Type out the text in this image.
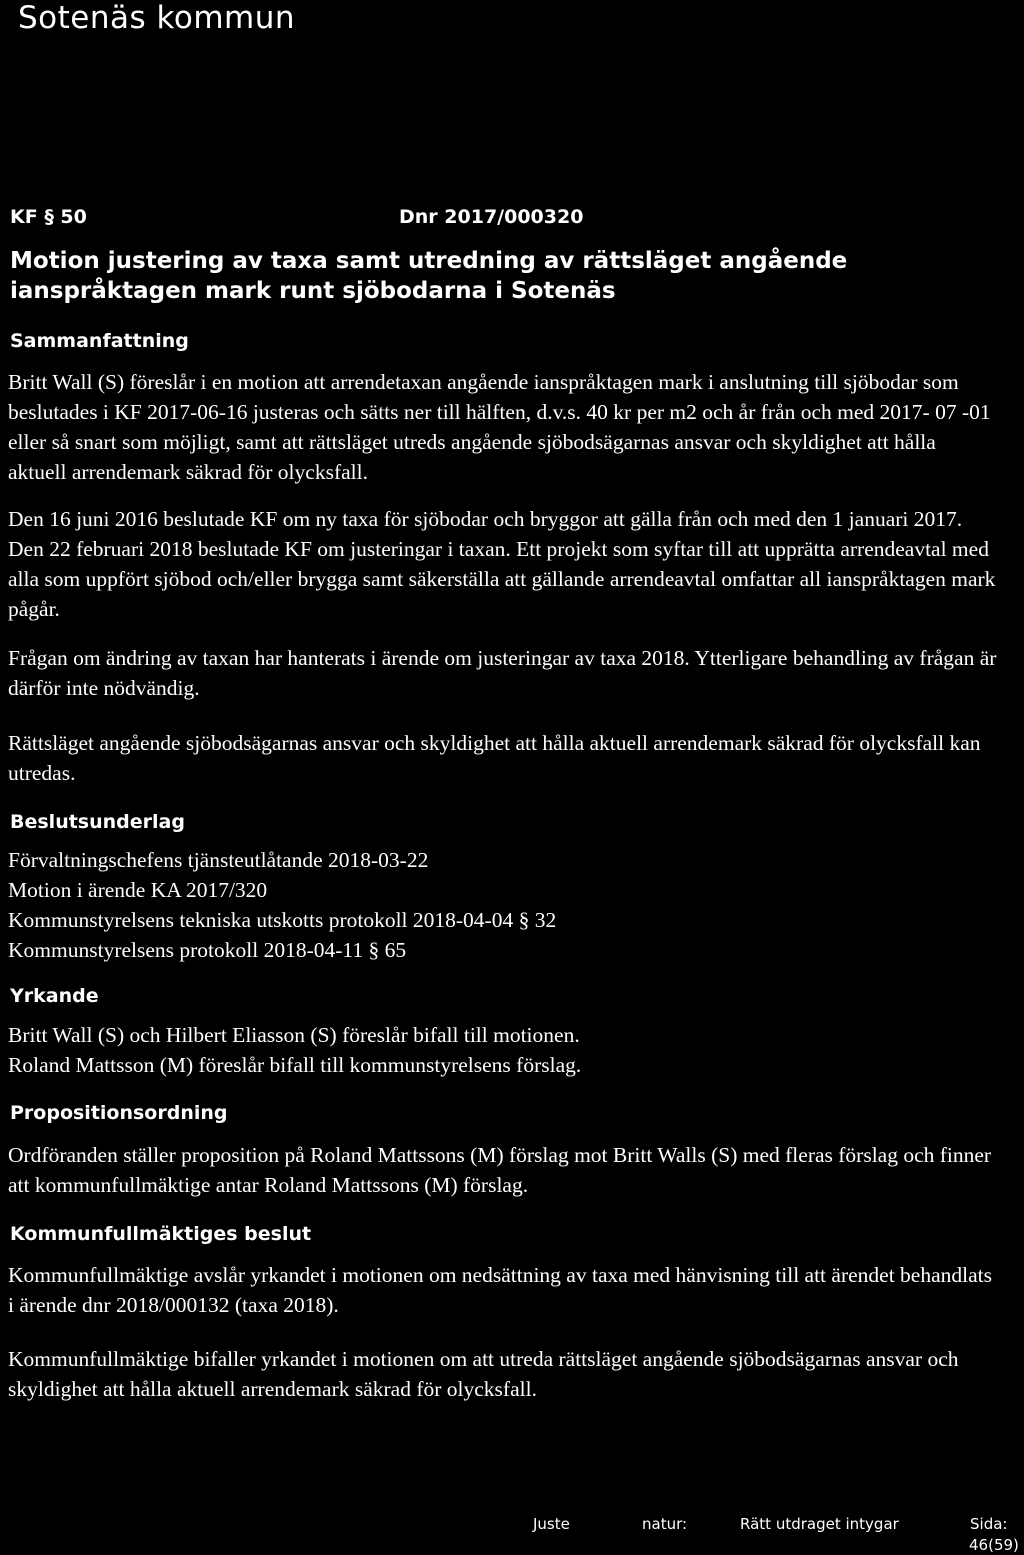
Sotenäs kommun
KF § 50	Dnr 2017/000320
Motion justering av taxa samt utredning av rättsläget angående ianspråktagen mark runt sjöbodarna i Sotenäs
Sammanfattning

Britt Wall (S) föreslår i en motion att arrendetaxan angående ianspråktagen mark i anslutning till sjöbodar som beslutades i KF 2017-06-16 justeras och sätts ner till hälften, d.v.s. 40 kr per m2 och år från och med 2017- 07 -01 eller så snart som möjligt, samt att rättsläget utreds angående sjöbodsägarnas ansvar och skyldighet att hålla aktuell arrendemark säkrad för olycksfall.

Den 16 juni 2016 beslutade KF om ny taxa för sjöbodar och bryggor att gälla från och med den 1 januari 2017. Den 22 februari 2018 beslutade KF om justeringar i taxan. Ett projekt som syftar till att upprätta arrendeavtal med alla som uppfört sjöbod och/eller brygga samt säkerställa att gällande arrendeavtal omfattar all ianspråktagen mark pågår.

Frågan om ändring av taxan har hanterats i ärende om justeringar av taxa 2018. Ytterligare behandling av frågan är därför inte nödvändig.

Rättsläget angående sjöbodsägarnas ansvar och skyldighet att hålla aktuell arrendemark säkrad för olycksfall kan utredas.

Beslutsunderlag
Förvaltningschefens tjänsteutlåtande 2018-03-22
Motion i ärende KA 2017/320
Kommunstyrelsens tekniska utskotts protokoll 2018-04-04 § 32
Kommunstyrelsens protokoll 2018-04-11 § 65
Yrkande
Britt Wall (S) och Hilbert Eliasson (S) föreslår bifall till motionen.
Roland Mattsson (M) föreslår bifall till kommunstyrelsens förslag.
Propositionsordning

Ordföranden ställer proposition på Roland Mattssons (M) förslag mot Britt Walls (S) med fleras förslag och finner att kommunfullmäktige antar Roland Mattssons (M) förslag.

Kommunfullmäktiges beslut

Kommunfullmäktige avslår yrkandet i motionen om nedsättning av taxa med hänvisning till att ärendet behandlats i ärende dnr 2018/000132 (taxa 2018).

Kommunfullmäktige bifaller yrkandet i motionen om att utreda rättsläget angående sjöbodsägarnas ansvar och skyldighet att hålla aktuell arrendemark säkrad för olycksfall.

Juste	natur:	Rätt utdraget intygar	Sida:
46(59)
